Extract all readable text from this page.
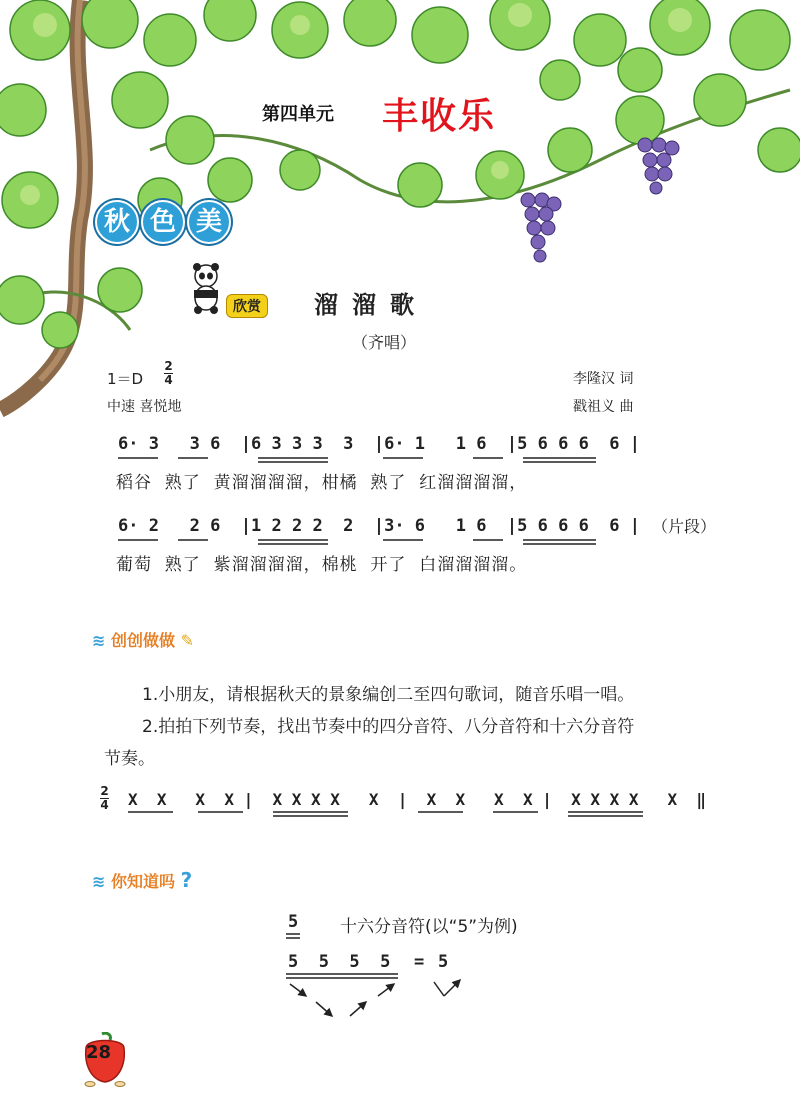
第四单元 丰收乐
秋 色 美
欣赏 溜溜歌
（齐唱）
1＝D
2
4
中速 喜悦地
李隆汉 词
戳祖义 曲
6· 3   3 6  |6 3 3 3  3  |6· 1   1 6  |5 6 6 6  6 |
稻谷  熟了  黄溜溜溜溜，柑橘  熟了  红溜溜溜溜，
6· 2   2 6  |1 2 2 2  2  |3· 6   1 6  |5 6 6 6  6 | （片段）
葡萄  熟了  紫溜溜溜溜，棉桃  开了  白溜溜溜溜。
≋ 创创做做 ✎
1.小朋友，请根据秋天的景象编创二至四句歌词，随音乐唱一唱。
2.拍拍下列节奏，找出节奏中的四分音符、八分音符和十六分音符
节奏。
2
4 X  X   X  X |  X X X X   X  |  X  X   X  X |  X X X X   X  ‖
≋ 你知道吗 ?
5 十六分音符(以“5”为例)
5  5  5  5 = 5
28
